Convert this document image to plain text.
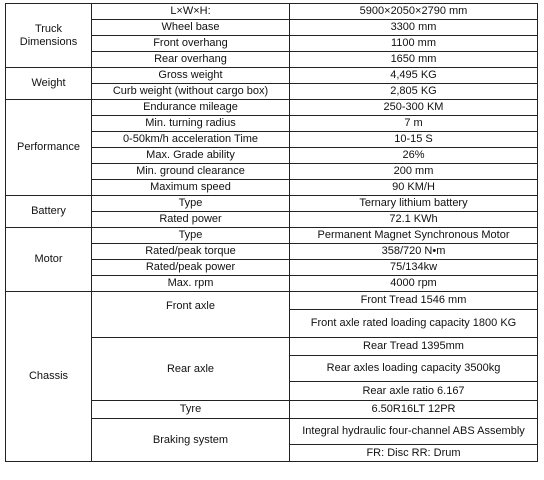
Truck Dimensions	L×W×H:	5900×2050×2790 mm
	Wheel base	3300 mm
	Front overhang	1100 mm
	Rear overhang	1650 mm
Weight	Gross weight	4,495 KG
	Curb weight (without cargo box)	2,805 KG
Performance	Endurance mileage	250-300 KM
	Min. turning radius	7 m
	0-50km/h acceleration Time	10-15 S
	Max. Grade ability	26%
	Min. ground clearance	200 mm
	Maximum speed	90 KM/H
Battery	Type	Ternary lithium battery
	Rated power	72.1 KWh
Motor	Type	Permanent Magnet Synchronous Motor
	Rated/peak torque	358/720 N•m
	Rated/peak power	75/134kw
	Max. rpm	4000 rpm
Chassis	Front axle	Front Tread 1546 mm
		Front axle rated loading capacity 1800 KG
	Rear axle	Rear Tread 1395mm
		Rear axles loading capacity 3500kg
		Rear axle ratio 6.167
	Tyre	6.50R16LT 12PR
	Braking system	Integral hydraulic four-channel ABS Assembly
		FR: Disc RR: Drum
